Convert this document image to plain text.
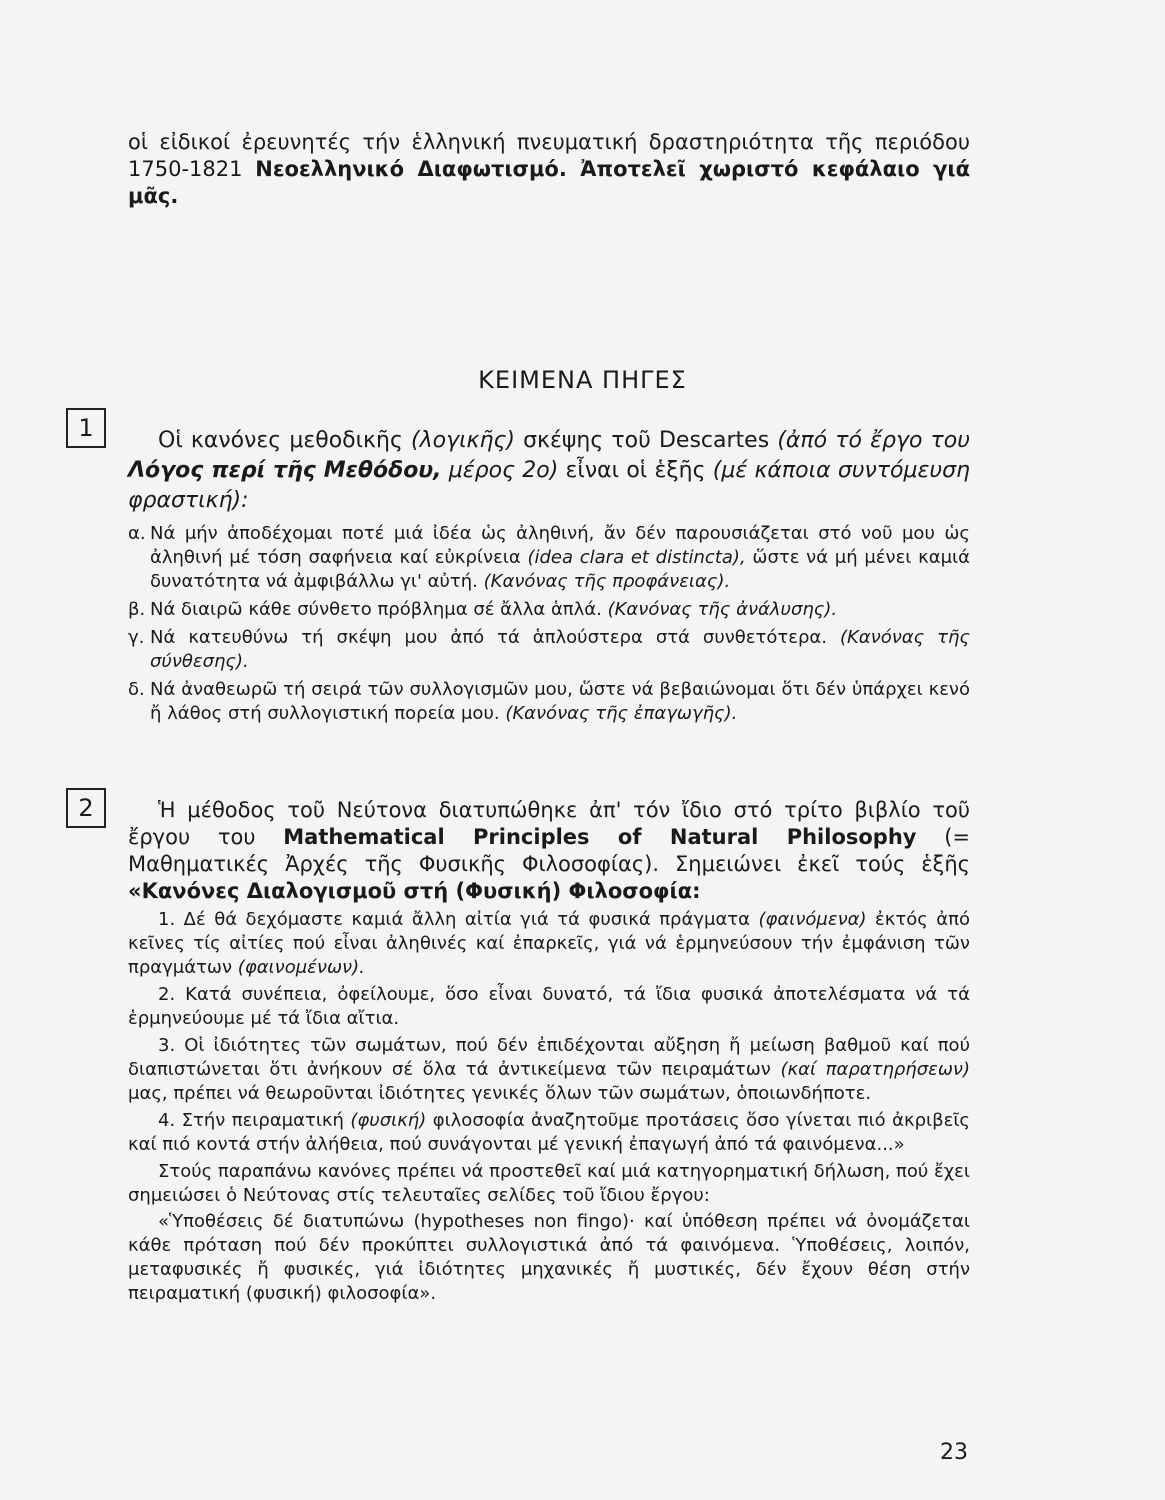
οἱ εἰδικοί ἐρευνητές τήν ἑλληνική πνευματική δραστηριότητα τῆς περιόδου 1750-1821 Νεοελληνικό Διαφωτισμό. Ἀποτελεῖ χωριστό κεφάλαιο γιά μᾶς.

ΚΕΙΜΕΝΑ ΠΗΓΕΣ
1	Οἱ κανόνες μεθοδικῆς (λογικῆς) σκέψης τοῦ Descartes (ἀπό τό ἔργο του Λόγος περί τῆς Μεθόδου, μέρος 2ο) εἶναι οἱ ἑξῆς (μέ κάποια συντόμευση φραστική):

α. Νά μήν ἀποδέχομαι ποτέ μιά ἰδέα ὡς ἀληθινή, ἄν δέν παρουσιάζεται στό νοῦ μου ὡς ἀληθινή μέ τόση σαφήνεια καί εὐκρίνεια (idea clara et distincta), ὥστε νά μή μένει καμιά δυνατότητα νά ἀμφιβάλλω γι' αὐτή. (Κανόνας τῆς προφάνειας).
β. Νά διαιρῶ κάθε σύνθετο πρόβλημα σέ ἄλλα ἁπλά. (Κανόνας τῆς ἀνάλυσης).
γ. Νά κατευθύνω τή σκέψη μου ἀπό τά ἁπλούστερα στά συνθετότερα. (Κανόνας τῆς σύνθεσης).
δ. Νά ἀναθεωρῶ τή σειρά τῶν συλλογισμῶν μου, ὥστε νά βεβαιώνομαι ὅτι δέν ὑπάρχει κενό ἤ λάθος στή συλλογιστική πορεία μου. (Κανόνας τῆς ἐπαγωγῆς).
2	Ἡ μέθοδος τοῦ Νεύτονα διατυπώθηκε ἀπ' τόν ἴδιο στό τρίτο βιβλίο τοῦ ἔργου του Mathematical Principles of Natural Philosophy (= Μαθηματικές Ἀρχές τῆς Φυσικῆς Φιλοσοφίας). Σημειώνει ἐκεῖ τούς ἑξῆς «Κανόνες Διαλογισμοῦ στή (Φυσική) Φιλοσοφία:

1. Δέ θά δεχόμαστε καμιά ἄλλη αἰτία γιά τά φυσικά πράγματα (φαινόμενα) ἐκτός ἀπό κεῖνες τίς αἰτίες πού εἶναι ἀληθινές καί ἐπαρκεῖς, γιά νά ἑρμηνεύσουν τήν ἐμφάνιση τῶν πραγμάτων (φαινομένων).

2. Κατά συνέπεια, ὀφείλουμε, ὅσο εἶναι δυνατό, τά ἴδια φυσικά ἀποτελέσματα νά τά ἑρμηνεύουμε μέ τά ἴδια αἴτια.

3. Οἱ ἰδιότητες τῶν σωμάτων, πού δέν ἐπιδέχονται αὔξηση ἤ μείωση βαθμοῦ καί πού διαπιστώνεται ὅτι ἀνήκουν σέ ὅλα τά ἀντικείμενα τῶν πειραμάτων (καί παρατηρήσεων) μας, πρέπει νά θεωροῦνται ἰδιότητες γενικές ὅλων τῶν σωμάτων, ὁποιωνδήποτε.

4. Στήν πειραματική (φυσική) φιλοσοφία ἀναζητοῦμε προτάσεις ὅσο γίνεται πιό ἀκριβεῖς καί πιό κοντά στήν ἀλήθεια, πού συνάγονται μέ γενική ἐπαγωγή ἀπό τά φαινόμενα...»

Στούς παραπάνω κανόνες πρέπει νά προστεθεῖ καί μιά κατηγορηματική δήλωση, πού ἔχει σημειώσει ὁ Νεύτονας στίς τελευταῖες σελίδες τοῦ ἴδιου ἔργου:

«Ὑποθέσεις δέ διατυπώνω (hypotheses non fingo)· καί ὑπόθεση πρέπει νά ὀνομάζεται κάθε πρόταση πού δέν προκύπτει συλλογιστικά ἀπό τά φαινόμενα. Ὑποθέσεις, λοιπόν, μεταφυσικές ἤ φυσικές, γιά ἰδιότητες μηχανικές ἤ μυστικές, δέν ἔχουν θέση στήν πειραματική (φυσική) φιλοσοφία».

23
